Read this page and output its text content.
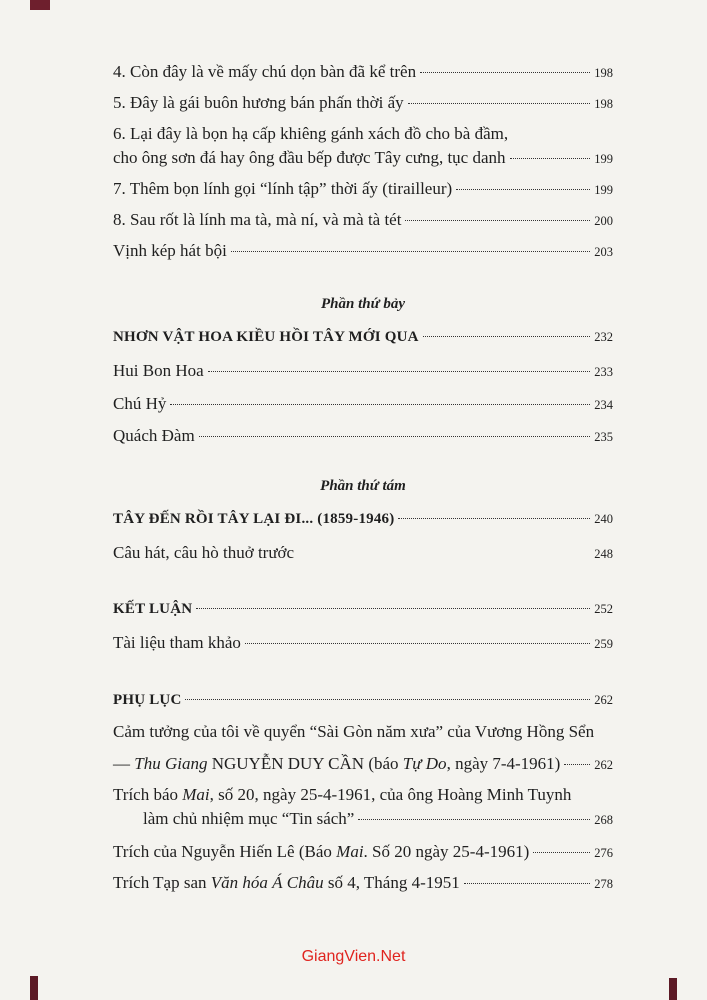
4. Còn đây là về mấy chú dọn bàn đã kể trên	198
5. Đây là gái buôn hương bán phấn thời ấy	198
6. Lại đây là bọn hạ cấp khiêng gánh xách đồ cho bà đầm,
cho ông sơn đá hay ông đầu bếp được Tây cưng, tục danh	199
7. Thêm bọn lính gọi “lính tập” thời ấy (tirailleur)	199
8. Sau rốt là lính ma tà, mà ní, và mà tà tét	200
Vịnh kép hát bội	203
Phần thứ bảy
NHƠN VẬT HOA KIỀU HỒI TÂY MỚI QUA	232
Hui Bon Hoa	233
Chú Hỷ	234
Quách Đàm	235
Phần thứ tám
TÂY ĐẾN RỒI TÂY LẠI ĐI... (1859-1946)	240
Câu hát, câu hò thuở trước	248
KẾT LUẬN	252
Tài liệu tham khảo	259
PHỤ LỤC	262
Cảm tưởng của tôi về quyển “Sài Gòn năm xưa” của Vương Hồng Sển
— Thu Giang NGUYỄN DUY CẦN (báo Tự Do, ngày 7-4-1961)	262
Trích báo Mai, số 20, ngày 25-4-1961, của ông Hoàng Minh Tuynh
làm chủ nhiệm mục “Tin sách”	268
Trích của Nguyễn Hiến Lê (Báo Mai. Số 20 ngày 25-4-1961)	276
Trích Tạp san Văn hóa Á Châu số 4, Tháng 4-1951	278
GiangVien.Net
